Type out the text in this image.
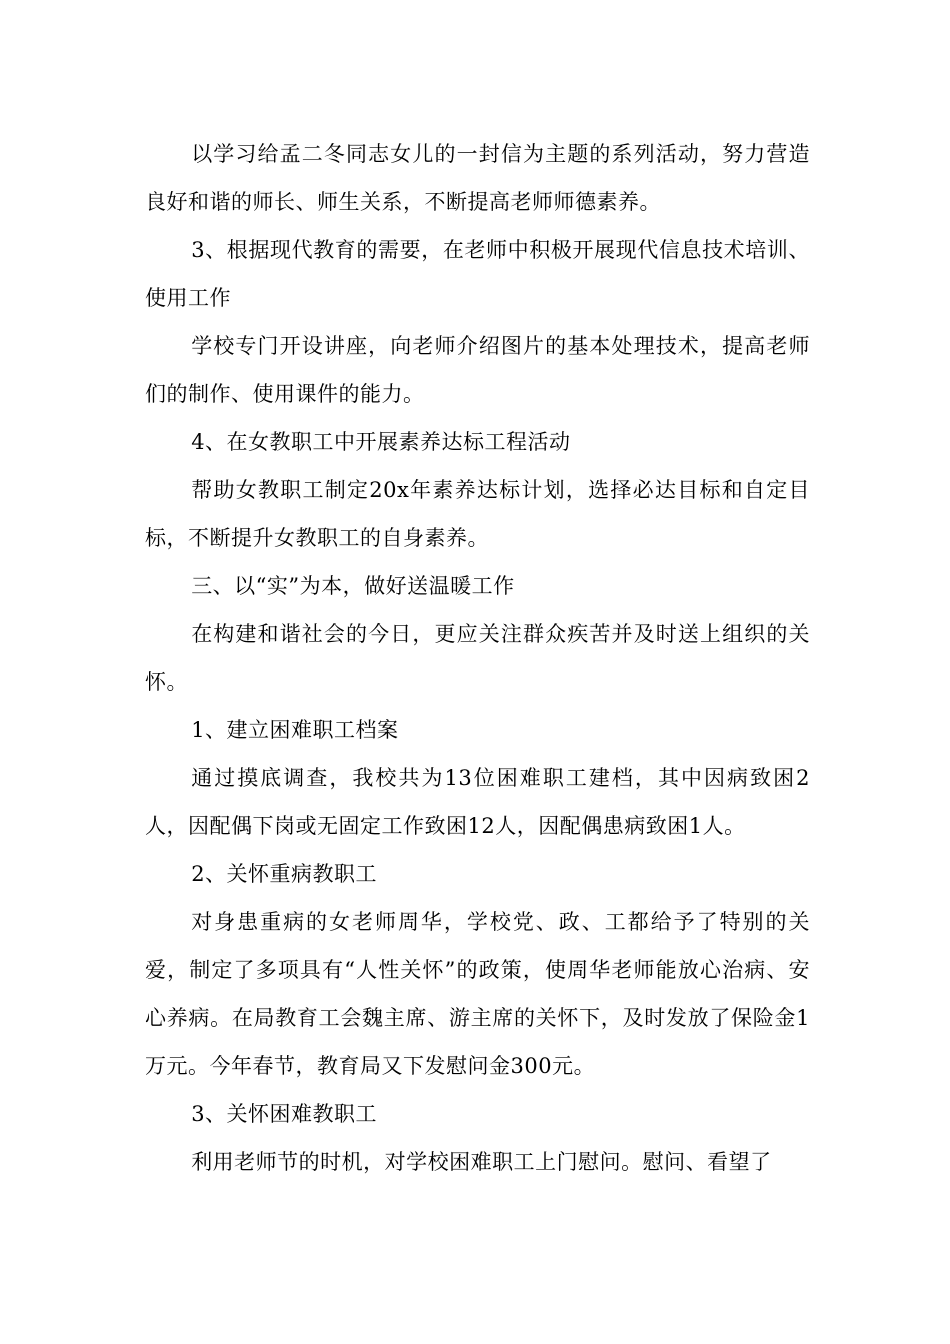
以学习给孟二冬同志女儿的一封信为主题的系列活动，努力营造良好和谐的师长、师生关系，不断提高老师师德素养。

3、根据现代教育的需要，在老师中积极开展现代信息技术培训、使用工作

学校专门开设讲座，向老师介绍图片的基本处理技术，提高老师们的制作、使用课件的能力。

4、在女教职工中开展素养达标工程活动

帮助女教职工制定20x年素养达标计划，选择必达目标和自定目标，不断提升女教职工的自身素养。

三、以“实”为本，做好送温暖工作

在构建和谐社会的今日，更应关注群众疾苦并及时送上组织的关怀。

1、建立困难职工档案

通过摸底调查，我校共为13位困难职工建档，其中因病致困2人，因配偶下岗或无固定工作致困12人，因配偶患病致困1人。

2、关怀重病教职工

对身患重病的女老师周华，学校党、政、工都给予了特别的关爱，制定了多项具有“人性关怀”的政策，使周华老师能放心治病、安心养病。在局教育工会魏主席、游主席的关怀下，及时发放了保险金1万元。今年春节，教育局又下发慰问金300元。

3、关怀困难教职工

利用老师节的时机，对学校困难职工上门慰问。慰问、看望了
